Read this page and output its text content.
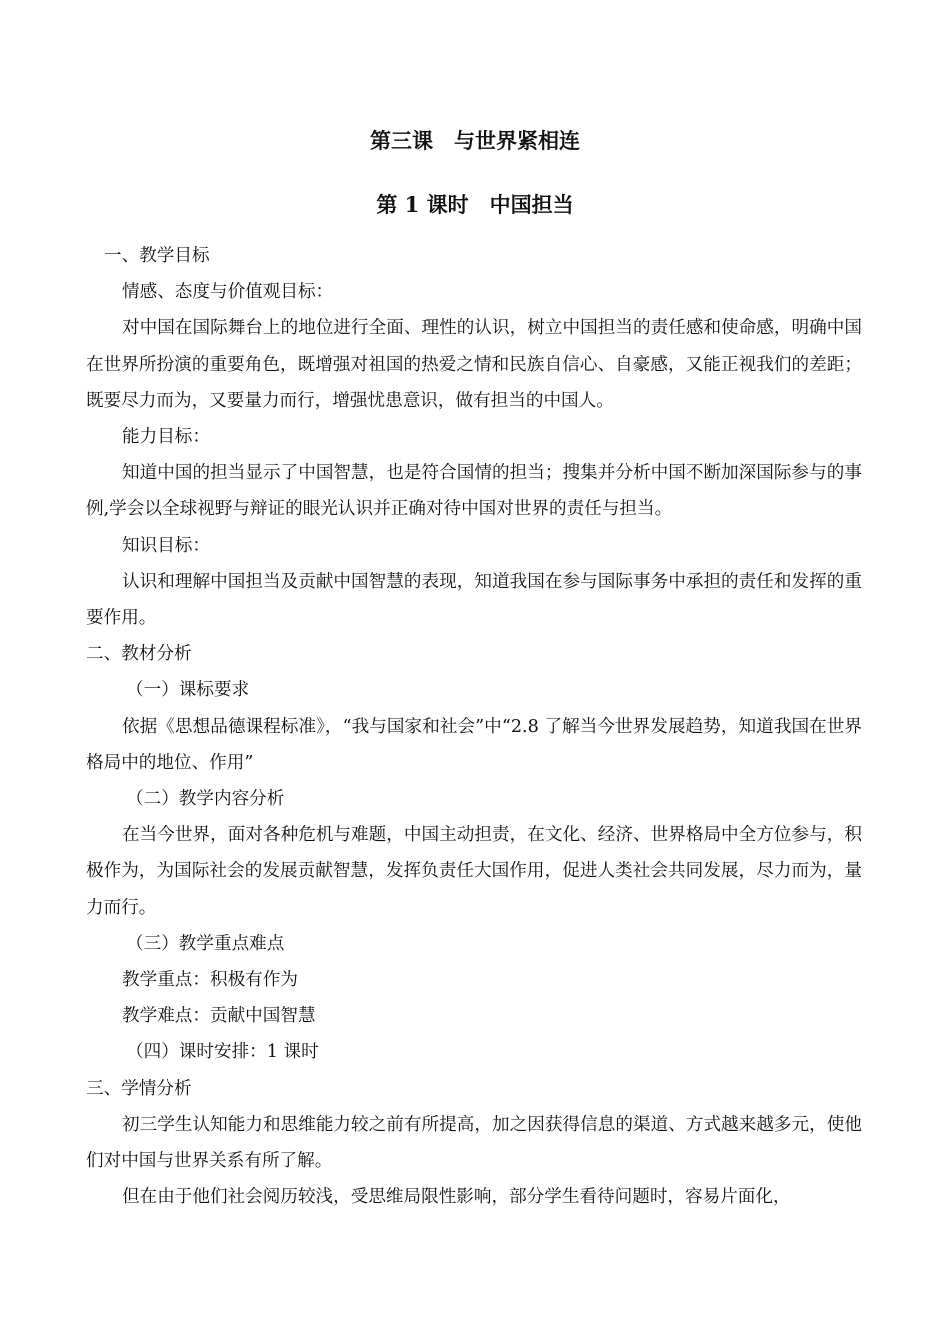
第三课　与世界紧相连
第 1 课时　中国担当

一、教学目标

情感、态度与价值观目标：

对中国在国际舞台上的地位进行全面、理性的认识，树立中国担当的责任感和使命感，明确中国在世界所扮演的重要角色，既增强对祖国的热爱之情和民族自信心、自豪感，又能正视我们的差距；既要尽力而为，又要量力而行，增强忧患意识，做有担当的中国人。

能力目标：

知道中国的担当显示了中国智慧，也是符合国情的担当；搜集并分析中国不断加深国际参与的事例,学会以全球视野与辩证的眼光认识并正确对待中国对世界的责任与担当。

知识目标：

认识和理解中国担当及贡献中国智慧的表现，知道我国在参与国际事务中承担的责任和发挥的重要作用。

二、教材分析

（一）课标要求

依据《思想品德课程标准》，“我与国家和社会”中“2.8 了解当今世界发展趋势，知道我国在世界格局中的地位、作用”

（二）教学内容分析

在当今世界，面对各种危机与难题，中国主动担责，在文化、经济、世界格局中全方位参与，积极作为，为国际社会的发展贡献智慧，发挥负责任大国作用，促进人类社会共同发展，尽力而为，量力而行。

（三）教学重点难点

教学重点：积极有作为

教学难点：贡献中国智慧

（四）课时安排：1 课时

三、学情分析

初三学生认知能力和思维能力较之前有所提高，加之因获得信息的渠道、方式越来越多元，使他们对中国与世界关系有所了解。

但在由于他们社会阅历较浅，受思维局限性影响，部分学生看待问题时，容易片面化，
